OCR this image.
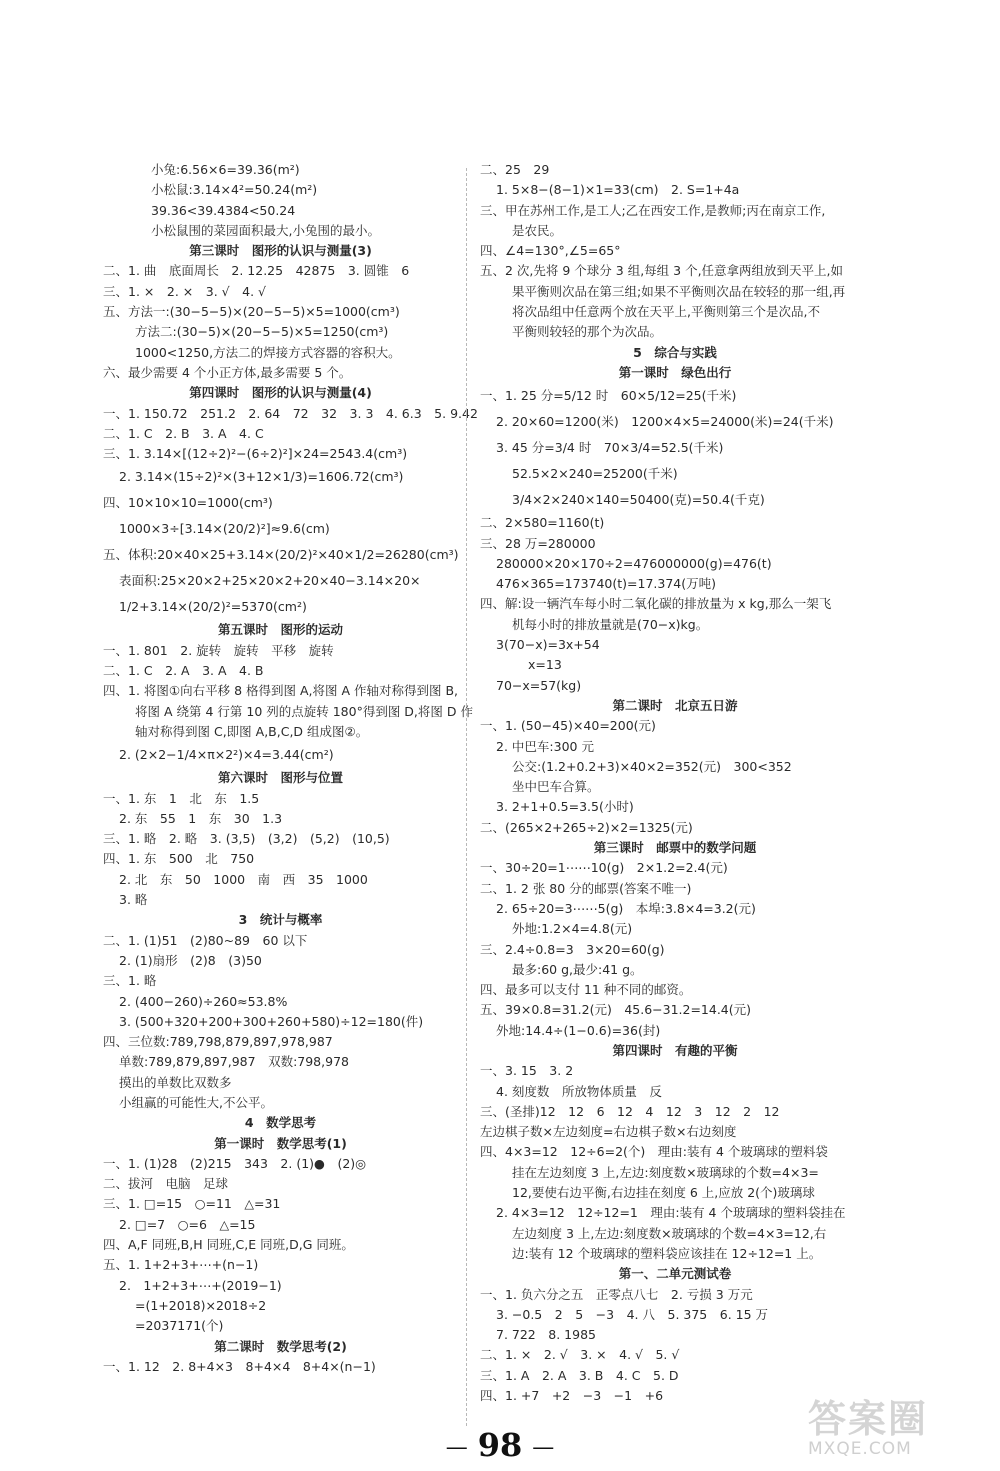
小兔:6.56×6=39.36(m²)
小松鼠:3.14×4²=50.24(m²)
39.36<39.4384<50.24
小松鼠围的菜园面积最大,小兔围的最小。
第三课时　图形的认识与测量(3)
二、1. 曲　底面周长　2. 12.25　42875　3. 圆锥　6
三、1. ×　2. ×　3. √　4. √
五、方法一:(30−5−5)×(20−5−5)×5=1000(cm³)
方法二:(30−5)×(20−5−5)×5=1250(cm³)
1000<1250,方法二的焊接方式容器的容积大。
六、最少需要 4 个小正方体,最多需要 5 个。
第四课时　图形的认识与测量(4)
一、1. 150.72　251.2　2. 64　72　32　3. 3　4. 6.3　5. 9.42
二、1. C　2. B　3. A　4. C
三、1. 3.14×[(12÷2)²−(6÷2)²]×24=2543.4(cm³)
2. 3.14×(15÷2)²×(3+12×1/3)=1606.72(cm³)
四、10×10×10=1000(cm³)
1000×3÷[3.14×(20/2)²]≈9.6(cm)
五、体积:20×40×25+3.14×(20/2)²×40×1/2=26280(cm³)
表面积:25×20×2+25×20×2+20×40−3.14×20×
1/2+3.14×(20/2)²=5370(cm²)
第五课时　图形的运动
一、1. 801　2. 旋转　旋转　平移　旋转
二、1. C　2. A　3. A　4. B
四、1. 将图①向右平移 8 格得到图 A,将图 A 作轴对称得到图 B,
将图 A 绕第 4 行第 10 列的点旋转 180°得到图 D,将图 D 作
轴对称得到图 C,即图 A,B,C,D 组成图②。
2. (2×2−1/4×π×2²)×4=3.44(cm²)
第六课时　图形与位置
一、1. 东　1　北　东　1.5
2. 东　55　1　东　30　1.3
三、1. 略　2. 略　3. (3,5)　(3,2)　(5,2)　(10,5)
四、1. 东　500　北　750
2. 北　东　50　1000　南　西　35　1000
3. 略
3　统计与概率
二、1. (1)51　(2)80~89　60 以下
2. (1)扇形　(2)8　(3)50
三、1. 略
2. (400−260)÷260≈53.8%
3. (500+320+200+300+260+580)÷12=180(件)
四、三位数:789,798,879,897,978,987
单数:789,879,897,987　双数:798,978
摸出的单数比双数多
小组赢的可能性大,不公平。
4　数学思考
第一课时　数学思考(1)
一、1. (1)28　(2)215　343　2. (1)●　(2)◎
二、拔河　电脑　足球
三、1. □=15　○=11　△=31
2. □=7　○=6　△=15
四、A,F 同班,B,H 同班,C,E 同班,D,G 同班。
五、1. 1+2+3+⋯+(n−1)
2.　1+2+3+⋯+(2019−1)
=(1+2018)×2018÷2
=2037171(个)
第二课时　数学思考(2)
一、1. 12　2. 8+4×3　8+4×4　8+4×(n−1)
二、25　29
1. 5×8−(8−1)×1=33(cm)　2. S=1+4a
三、甲在苏州工作,是工人;乙在西安工作,是教师;丙在南京工作,
是农民。
四、∠4=130°,∠5=65°
五、2 次,先将 9 个球分 3 组,每组 3 个,任意拿两组放到天平上,如
果平衡则次品在第三组;如果不平衡则次品在较轻的那一组,再
将次品组中任意两个放在天平上,平衡则第三个是次品,不
平衡则较轻的那个为次品。
5　综合与实践
第一课时　绿色出行
一、1. 25 分=5/12 时　60×5/12=25(千米)
2. 20×60=1200(米)　1200×4×5=24000(米)=24(千米)
3. 45 分=3/4 时　70×3/4=52.5(千米)
52.5×2×240=25200(千米)
3/4×2×240×140=50400(克)=50.4(千克)
二、2×580=1160(t)
三、28 万=280000
280000×20×170÷2=476000000(g)=476(t)
476×365=173740(t)=17.374(万吨)
四、解:设一辆汽车每小时二氧化碳的排放量为 x kg,那么一架飞
机每小时的排放量就是(70−x)kg。
3(70−x)=3x+54
x=13
70−x=57(kg)
第二课时　北京五日游
一、1. (50−45)×40=200(元)
2. 中巴车:300 元
公交:(1.2+0.2+3)×40×2=352(元)　300<352
坐中巴车合算。
3. 2+1+0.5=3.5(小时)
二、(265×2+265÷2)×2=1325(元)
第三课时　邮票中的数学问题
一、30÷20=1⋯⋯10(g)　2×1.2=2.4(元)
二、1. 2 张 80 分的邮票(答案不唯一)
2. 65÷20=3⋯⋯5(g)　本埠:3.8×4=3.2(元)
外地:1.2×4=4.8(元)
三、2.4÷0.8=3　3×20=60(g)
最多:60 g,最少:41 g。
四、最多可以支付 11 种不同的邮资。
五、39×0.8=31.2(元)　45.6−31.2=14.4(元)
外地:14.4÷(1−0.6)=36(封)
第四课时　有趣的平衡
一、3. 15　3. 2
4. 刻度数　所放物体质量　反
三、(圣排)12　12　6　12　4　12　3　12　2　12
左边棋子数×左边刻度=右边棋子数×右边刻度
四、4×3=12　12÷6=2(个)　理由:装有 4 个玻璃球的塑料袋
挂在左边刻度 3 上,左边:刻度数×玻璃球的个数=4×3=
12,要使右边平衡,右边挂在刻度 6 上,应放 2(个)玻璃球
2. 4×3=12　12÷12=1　理由:装有 4 个玻璃球的塑料袋挂在
左边刻度 3 上,左边:刻度数×玻璃球的个数=4×3=12,右
边:装有 12 个玻璃球的塑料袋应该挂在 12÷12=1 上。
第一、二单元测试卷
一、1. 负六分之五　正零点八七　2. 亏损 3 万元
3. −0.5　2　5　−3　4. 八　5. 375　6. 15 万
7. 722　8. 1985
二、1. ×　2. √　3. ×　4. √　5. √
三、1. A　2. A　3. B　4. C　5. D
四、1. +7　+2　−3　−1　+6
— 98 —
答案圈
MXQE.COM
